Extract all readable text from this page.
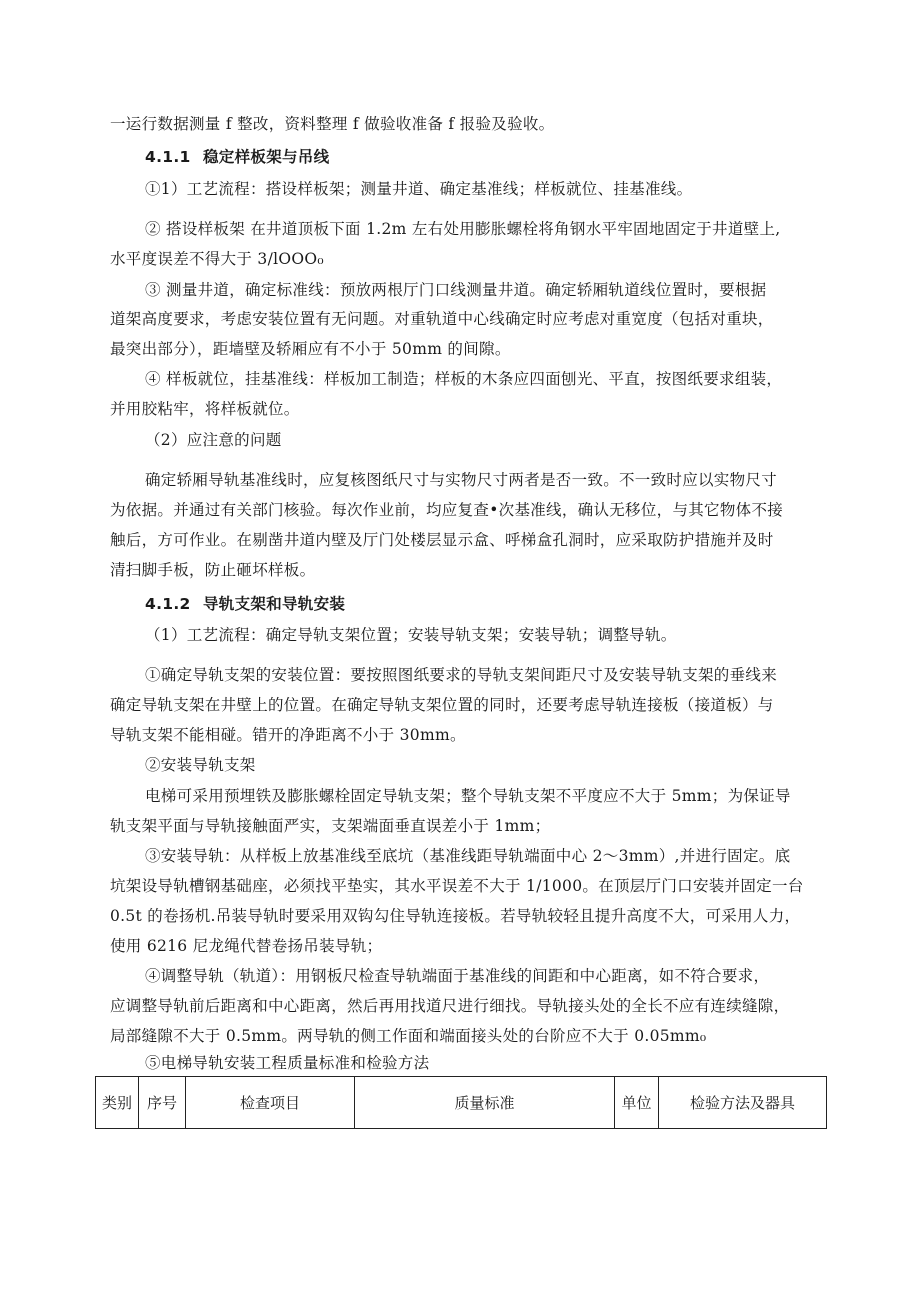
一运行数据测量 f 整改，资料整理 f 做验收准备 f 报验及验收。
4.1.1 稳定样板架与吊线
①1）工艺流程：搭设样板架；测量井道、确定基准线；样板就位、挂基准线。
② 搭设样板架 在井道顶板下面 1.2m 左右处用膨胀螺栓将角钢水平牢固地固定于井道壁上,
水平度误差不得大于 3/lOOO₀
③ 测量井道，确定标准线：预放两根厅门口线测量井道。确定轿厢轨道线位置时，要根据
道架高度要求，考虑安装位置有无问题。对重轨道中心线确定时应考虑对重宽度（包括对重块，
最突出部分），距墙壁及轿厢应有不小于 50mm 的间隙。
④ 样板就位，挂基准线：样板加工制造；样板的木条应四面刨光、平直，按图纸要求组装，
并用胶粘牢，将样板就位。
（2）应注意的问题
确定轿厢导轨基准线时，应复核图纸尺寸与实物尺寸两者是否一致。不一致时应以实物尺寸
为依据。并通过有关部门核验。每次作业前，均应复查•次基准线，确认无移位，与其它物体不接
触后，方可作业。在剔凿井道内壁及厅门处楼层显示盒、呼梯盒孔洞时，应采取防护措施并及时
清扫脚手板，防止砸坏样板。
4.1.2 导轨支架和导轨安装
（1）工艺流程：确定导轨支架位置；安装导轨支架；安装导轨；调整导轨。
①确定导轨支架的安装位置：要按照图纸要求的导轨支架间距尺寸及安装导轨支架的垂线来
确定导轨支架在井壁上的位置。在确定导轨支架位置的同时，还要考虑导轨连接板（接道板）与
导轨支架不能相碰。错开的净距离不小于 30mm。
②安装导轨支架
电梯可采用预埋铁及膨胀螺栓固定导轨支架；整个导轨支架不平度应不大于 5mm；为保证导
轨支架平面与导轨接触面严实，支架端面垂直误差小于 1mm；
③安装导轨：从样板上放基准线至底坑（基准线距导轨端面中心 2～3mm）,并进行固定。底
坑架设导轨槽钢基础座，必须找平垫实，其水平误差不大于 1/1000。在顶层厅门口安装并固定一台
0.5t 的卷扬机.吊装导轨时要采用双钩勾住导轨连接板。若导轨较轻且提升高度不大，可采用人力，
使用 6216 尼龙绳代替卷扬吊装导轨；
④调整导轨（轨道）：用钢板尺检查导轨端面于基准线的间距和中心距离，如不符合要求，
应调整导轨前后距离和中心距离，然后再用找道尺进行细找。导轨接头处的全长不应有连续缝隙，
局部缝隙不大于 0.5mm。两导轨的侧工作面和端面接头处的台阶应不大于 0.05mm₀
⑤电梯导轨安装工程质量标准和检验方法
类别	序号	检查项目	质量标准	单位	检验方法及器具
